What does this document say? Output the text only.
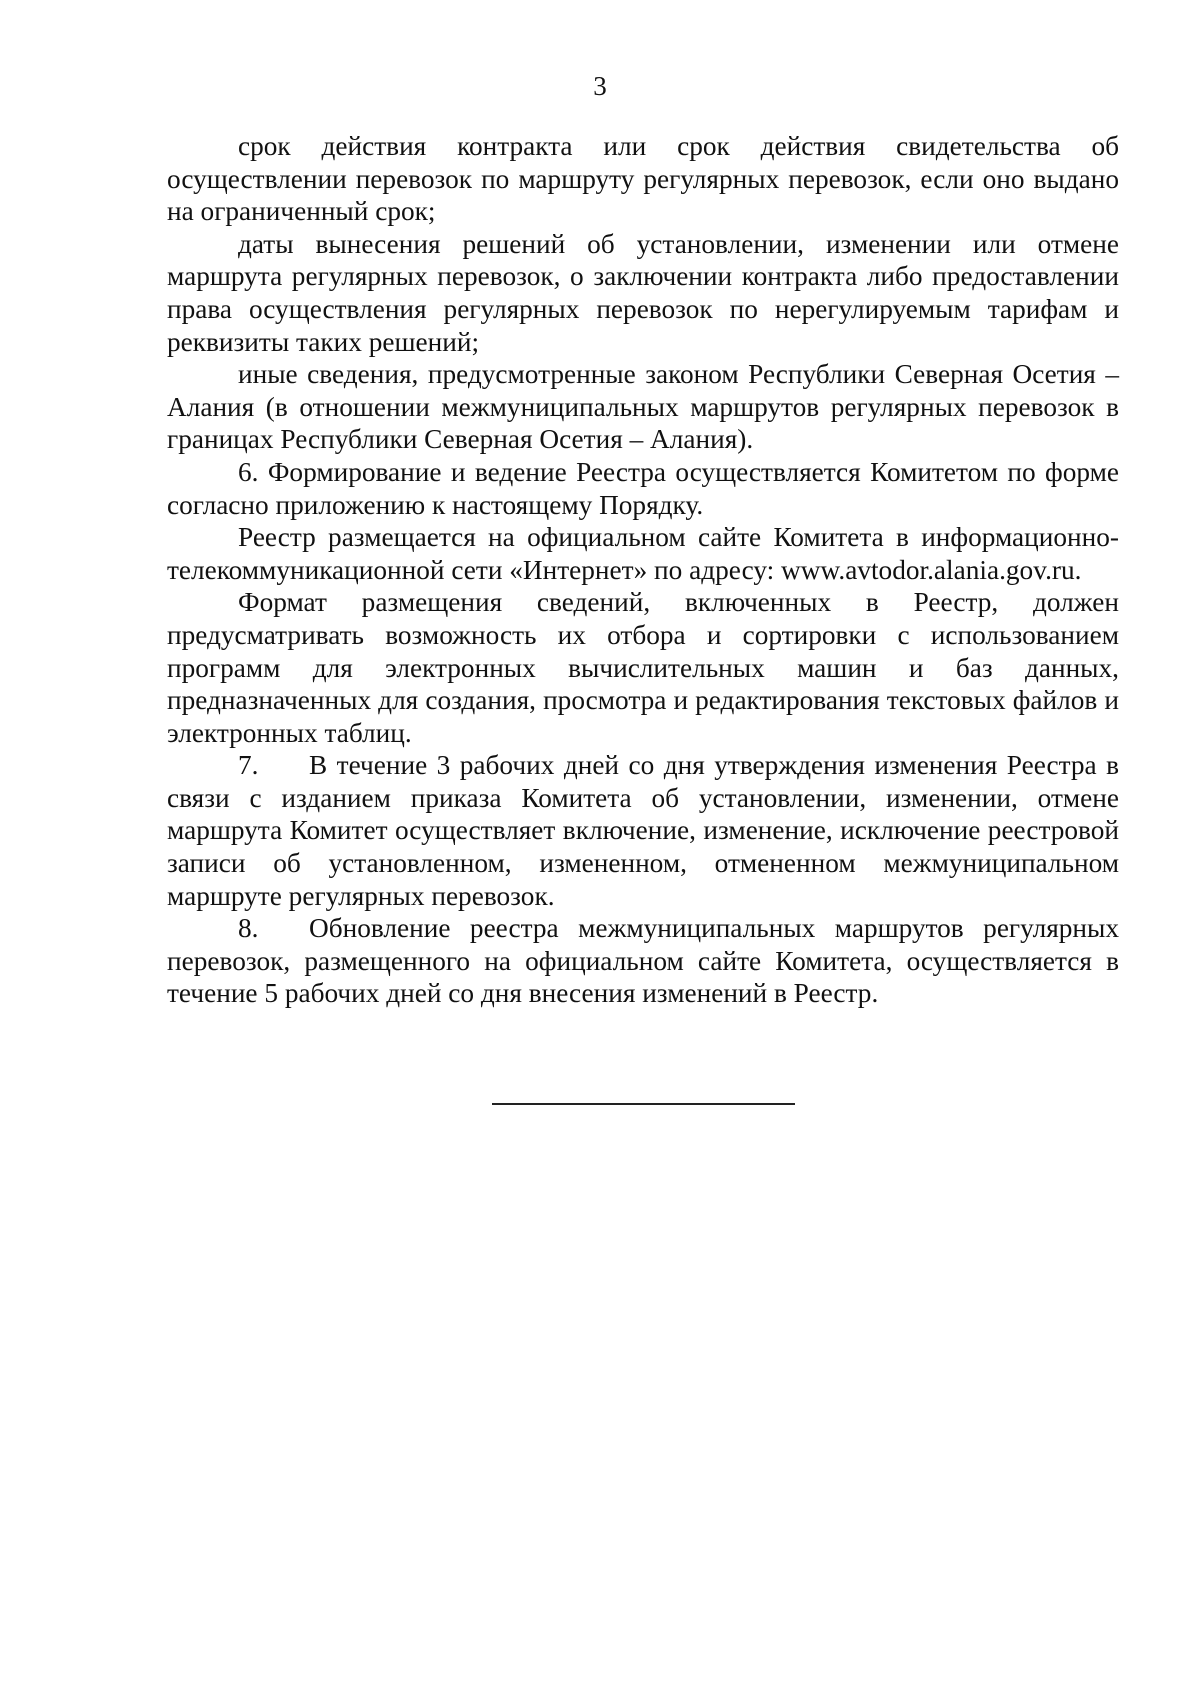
3

срок действия контракта или срок действия свидетельства об осуществлении перевозок по маршруту регулярных перевозок, если оно выдано на ограниченный срок;

даты вынесения решений об установлении, изменении или отмене маршрута регулярных перевозок, о заключении контракта либо предоставлении права осуществления регулярных перевозок по нерегулируемым тарифам и реквизиты таких решений;

иные сведения, предусмотренные законом Республики Северная Осетия – Алания (в отношении межмуниципальных маршрутов регулярных перевозок в границах Республики Северная Осетия – Алания).

6. Формирование и ведение Реестра осуществляется Комитетом по форме согласно приложению к настоящему Порядку.

Реестр размещается на официальном сайте Комитета в информационно-телекоммуникационной сети «Интернет» по адресу: www.avtodor.alania.gov.ru.

Формат размещения сведений, включенных в Реестр, должен предусматривать возможность их отбора и сортировки с использованием программ для электронных вычислительных машин и баз данных, предназначенных для создания, просмотра и редактирования текстовых файлов и электронных таблиц.

7. В течение 3 рабочих дней со дня утверждения изменения Реестра в связи с изданием приказа Комитета об установлении, изменении, отмене маршрута Комитет осуществляет включение, изменение, исключение реестровой записи об установленном, измененном, отмененном межмуниципальном маршруте регулярных перевозок.

8. Обновление реестра межмуниципальных маршрутов регулярных перевозок, размещенного на официальном сайте Комитета, осуществляется в течение 5 рабочих дней со дня внесения изменений в Реестр.
